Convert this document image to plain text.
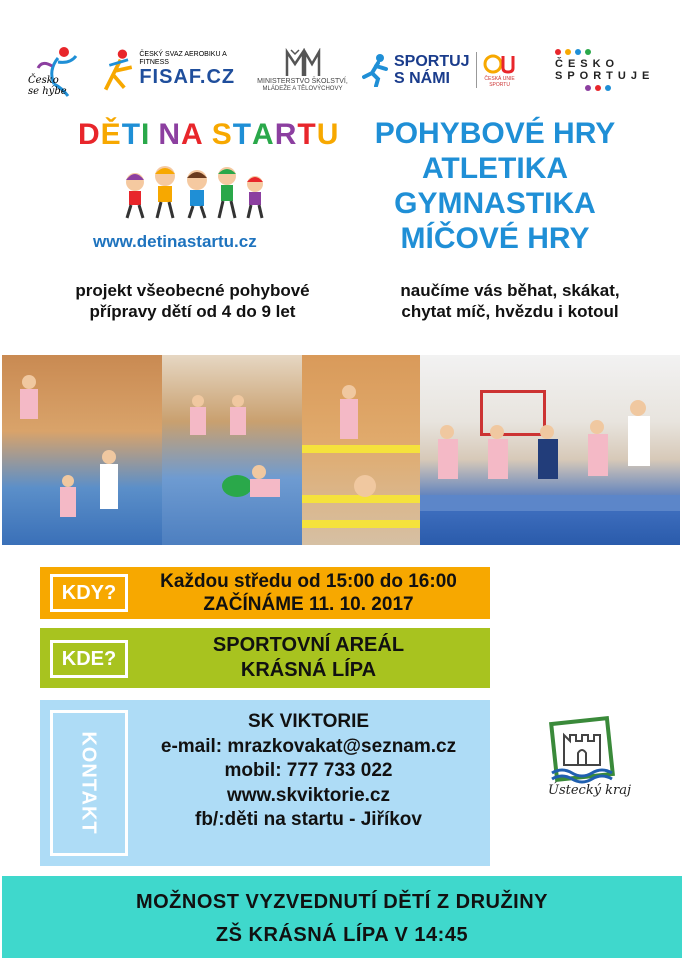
Česko se hýbe
ČESKÝ SVAZ AEROBIKU A FITNESS
FISAF.CZ	MINISTERSTVO ŠKOLSTVÍ,
MLÁDEŽE A TĚLOVÝCHOVY
SPORTUJ
S NÁMI	ČESKÁ UNIE SPORTU
ČESKO
SPORTUJE
DĚTI NA STARTU
www.detinastartu.cz
POHYBOVÉ HRY
ATLETIKA
GYMNASTIKA
MÍČOVÉ HRY
projekt všeobecné pohybové
přípravy dětí od 4 do 9 let
naučíme vás běhat, skákat,
chytat míč, hvězdu i kotoul
KDY?	Každou středu od 15:00 do 16:00
ZAČÍNÁME 11. 10. 2017
KDE?
SPORTOVNÍ AREÁL
KRÁSNÁ LÍPA
KONTAKT
SK VIKTORIE
e-mail: mrazkovakat@seznam.cz
mobil: 777 733 022
www.skviktorie.cz
fb/:děti na startu - Jiříkov
Ústecký kraj
MOŽNOST VYZVEDNUTÍ DĚTÍ Z DRUŽINY
ZŠ KRÁSNÁ LÍPA V 14:45
